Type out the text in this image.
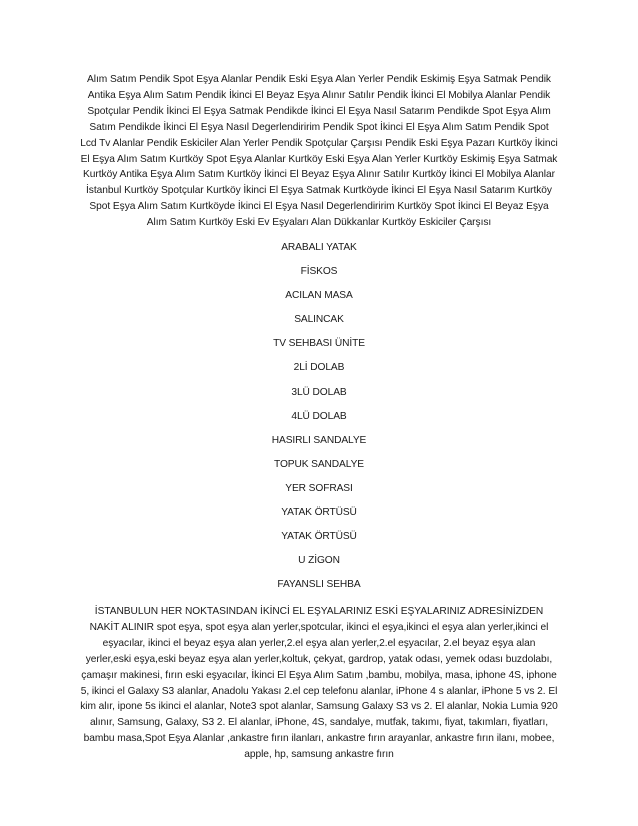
Alım Satım Pendik Spot Eşya Alanlar Pendik Eski Eşya Alan Yerler Pendik Eskimiş Eşya Satmak Pendik Antika Eşya Alım Satım Pendik İkinci El Beyaz Eşya Alınır Satılır Pendik İkinci El Mobilya Alanlar Pendik Spotçular Pendik İkinci El Eşya Satmak Pendikde İkinci El Eşya Nasıl Satarım Pendikde Spot Eşya Alım Satım Pendikde İkinci El Eşya Nasıl Degerlendiririm Pendik Spot İkinci El Eşya Alım Satım Pendik Spot Lcd Tv Alanlar Pendik Eskiciler Alan Yerler Pendik Spotçular Çarşısı Pendik Eski Eşya Pazarı Kurtköy İkinci El Eşya Alım Satım Kurtköy Spot Eşya Alanlar Kurtköy Eski Eşya Alan Yerler Kurtköy Eskimiş Eşya Satmak Kurtköy Antika Eşya Alım Satım Kurtköy İkinci El Beyaz Eşya Alınır Satılır Kurtköy İkinci El Mobilya Alanlar İstanbul Kurtköy Spotçular Kurtköy İkinci El Eşya Satmak Kurtköyde İkinci El Eşya Nasıl Satarım Kurtköy Spot Eşya Alım Satım Kurtköyde İkinci El Eşya Nasıl Degerlendiririm Kurtköy Spot İkinci El Beyaz Eşya Alım Satım Kurtköy Eski Ev Eşyaları Alan Dükkanlar Kurtköy Eskiciler Çarşısı

ARABALI YATAK
FİSKOS
ACILAN MASA
SALINCAK
TV SEHBASI ÜNİTE
2Lİ DOLAB
3LÜ DOLAB
4LÜ DOLAB
HASIRLI SANDALYE
TOPUK SANDALYE
YER SOFRASI
YATAK ÖRTÜSÜ
YATAK ÖRTÜSÜ
U ZİGON
FAYANSLI SEHBA

İSTANBULUN HER NOKTASINDAN İKİNCİ EL EŞYALARINIZ ESKİ EŞYALARINIZ ADRESİNİZDEN NAKİT ALINIR spot eşya, spot eşya alan yerler,spotcular, ikinci el eşya,ikinci el eşya alan yerler,ikinci el eşyacılar, ikinci el beyaz eşya alan yerler,2.el eşya alan yerler,2.el eşyacılar, 2.el beyaz eşya alan yerler,eski eşya,eski beyaz eşya alan yerler,koltuk, çekyat, gardrop, yatak odası, yemek odası buzdolabı, çamaşır makinesi, fırın eski eşyacılar, İkinci El Eşya Alım Satım ,bambu, mobilya, masa, iphone 4S, iphone 5, ikinci el Galaxy S3 alanlar, Anadolu Yakası 2.el cep telefonu alanlar, iPhone 4 s alanlar, iPhone 5 vs 2. El kim alır, ipone 5s ikinci el alanlar, Note3 spot alanlar, Samsung Galaxy S3 vs 2. El alanlar, Nokia Lumia 920 alınır, Samsung, Galaxy, S3 2. El alanlar, iPhone, 4S, sandalye, mutfak, takımı, fiyat, takımları, fiyatları, bambu masa,Spot Eşya Alanlar ,ankastre fırın ilanları, ankastre fırın arayanlar, ankastre fırın ilanı, mobee, apple, hp, samsung ankastre fırın
